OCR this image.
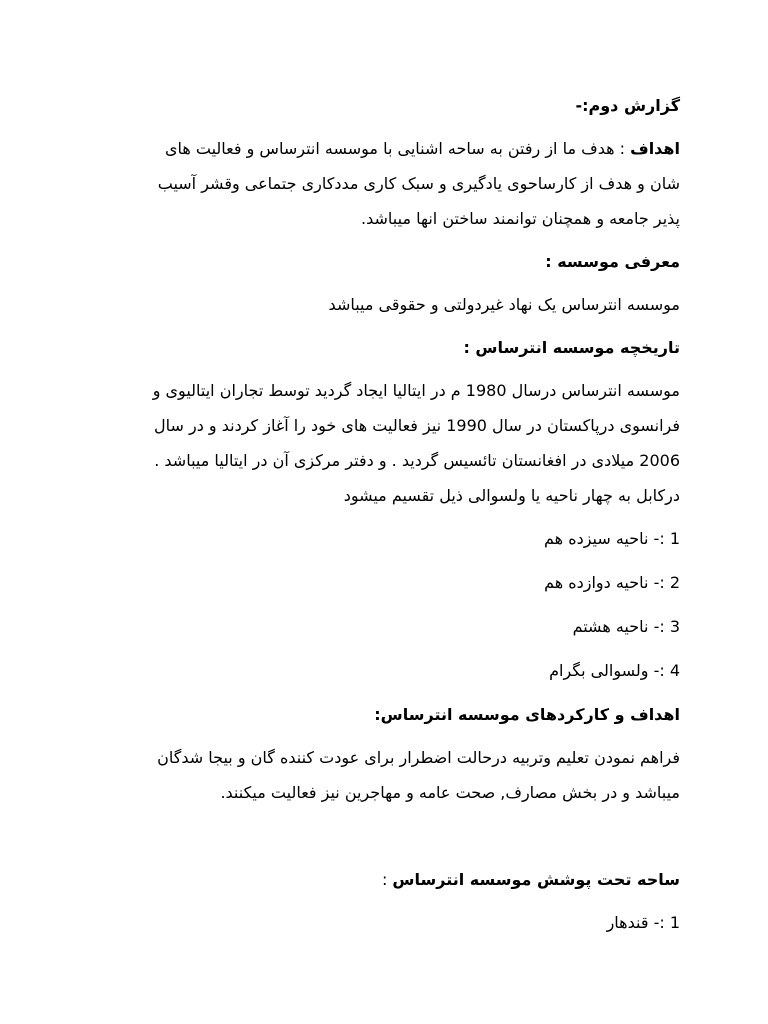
گزارش دوم:-

اهداف : هدف ما از رفتن به ساحه اشنایی با موسسه انترساس و فعالیت های

شان و هدف از کارساحوی یادگیری و سبک کاری مددکاری جتماعی وقشر آسیب

پذیر جامعه و همچنان توانمند ساختن انها میباشد.

معرفی موسسه :

موسسه انترساس یک نهاد غیردولتی و حقوقی میباشد

تاریخچه موسسه انترساس :

موسسه انترساس درسال 1980 م در ایتالیا ایجاد گردید توسط تجاران ایتالیوی و

فرانسوی درپاکستان در سال 1990 نیز فعالیت های خود را آغاز کردند و در سال

2006 میلادی در افغانستان تائسیس گردید . و دفتر مرکزی آن در ایتالیا میباشد .

درکابل به چهار ناحیه یا ولسوالی ذیل تقسیم میشود

1 :- ناحیه سیزده هم

2 :- ناحیه دوازده هم

3 :- ناحیه هشتم

4 :- ولسوالی بگرام

اهداف و کارکردهای موسسه انترساس:

فراهم نمودن تعلیم وتربیه درحالت اضطرار برای عودت کننده گان و بیجا شدگان

میباشد و در بخش مصارف, صحت عامه و مهاجرین نیز فعالیت میکنند.

ساحه تحت پوشش موسسه انترساس :

1 :- قندهار
